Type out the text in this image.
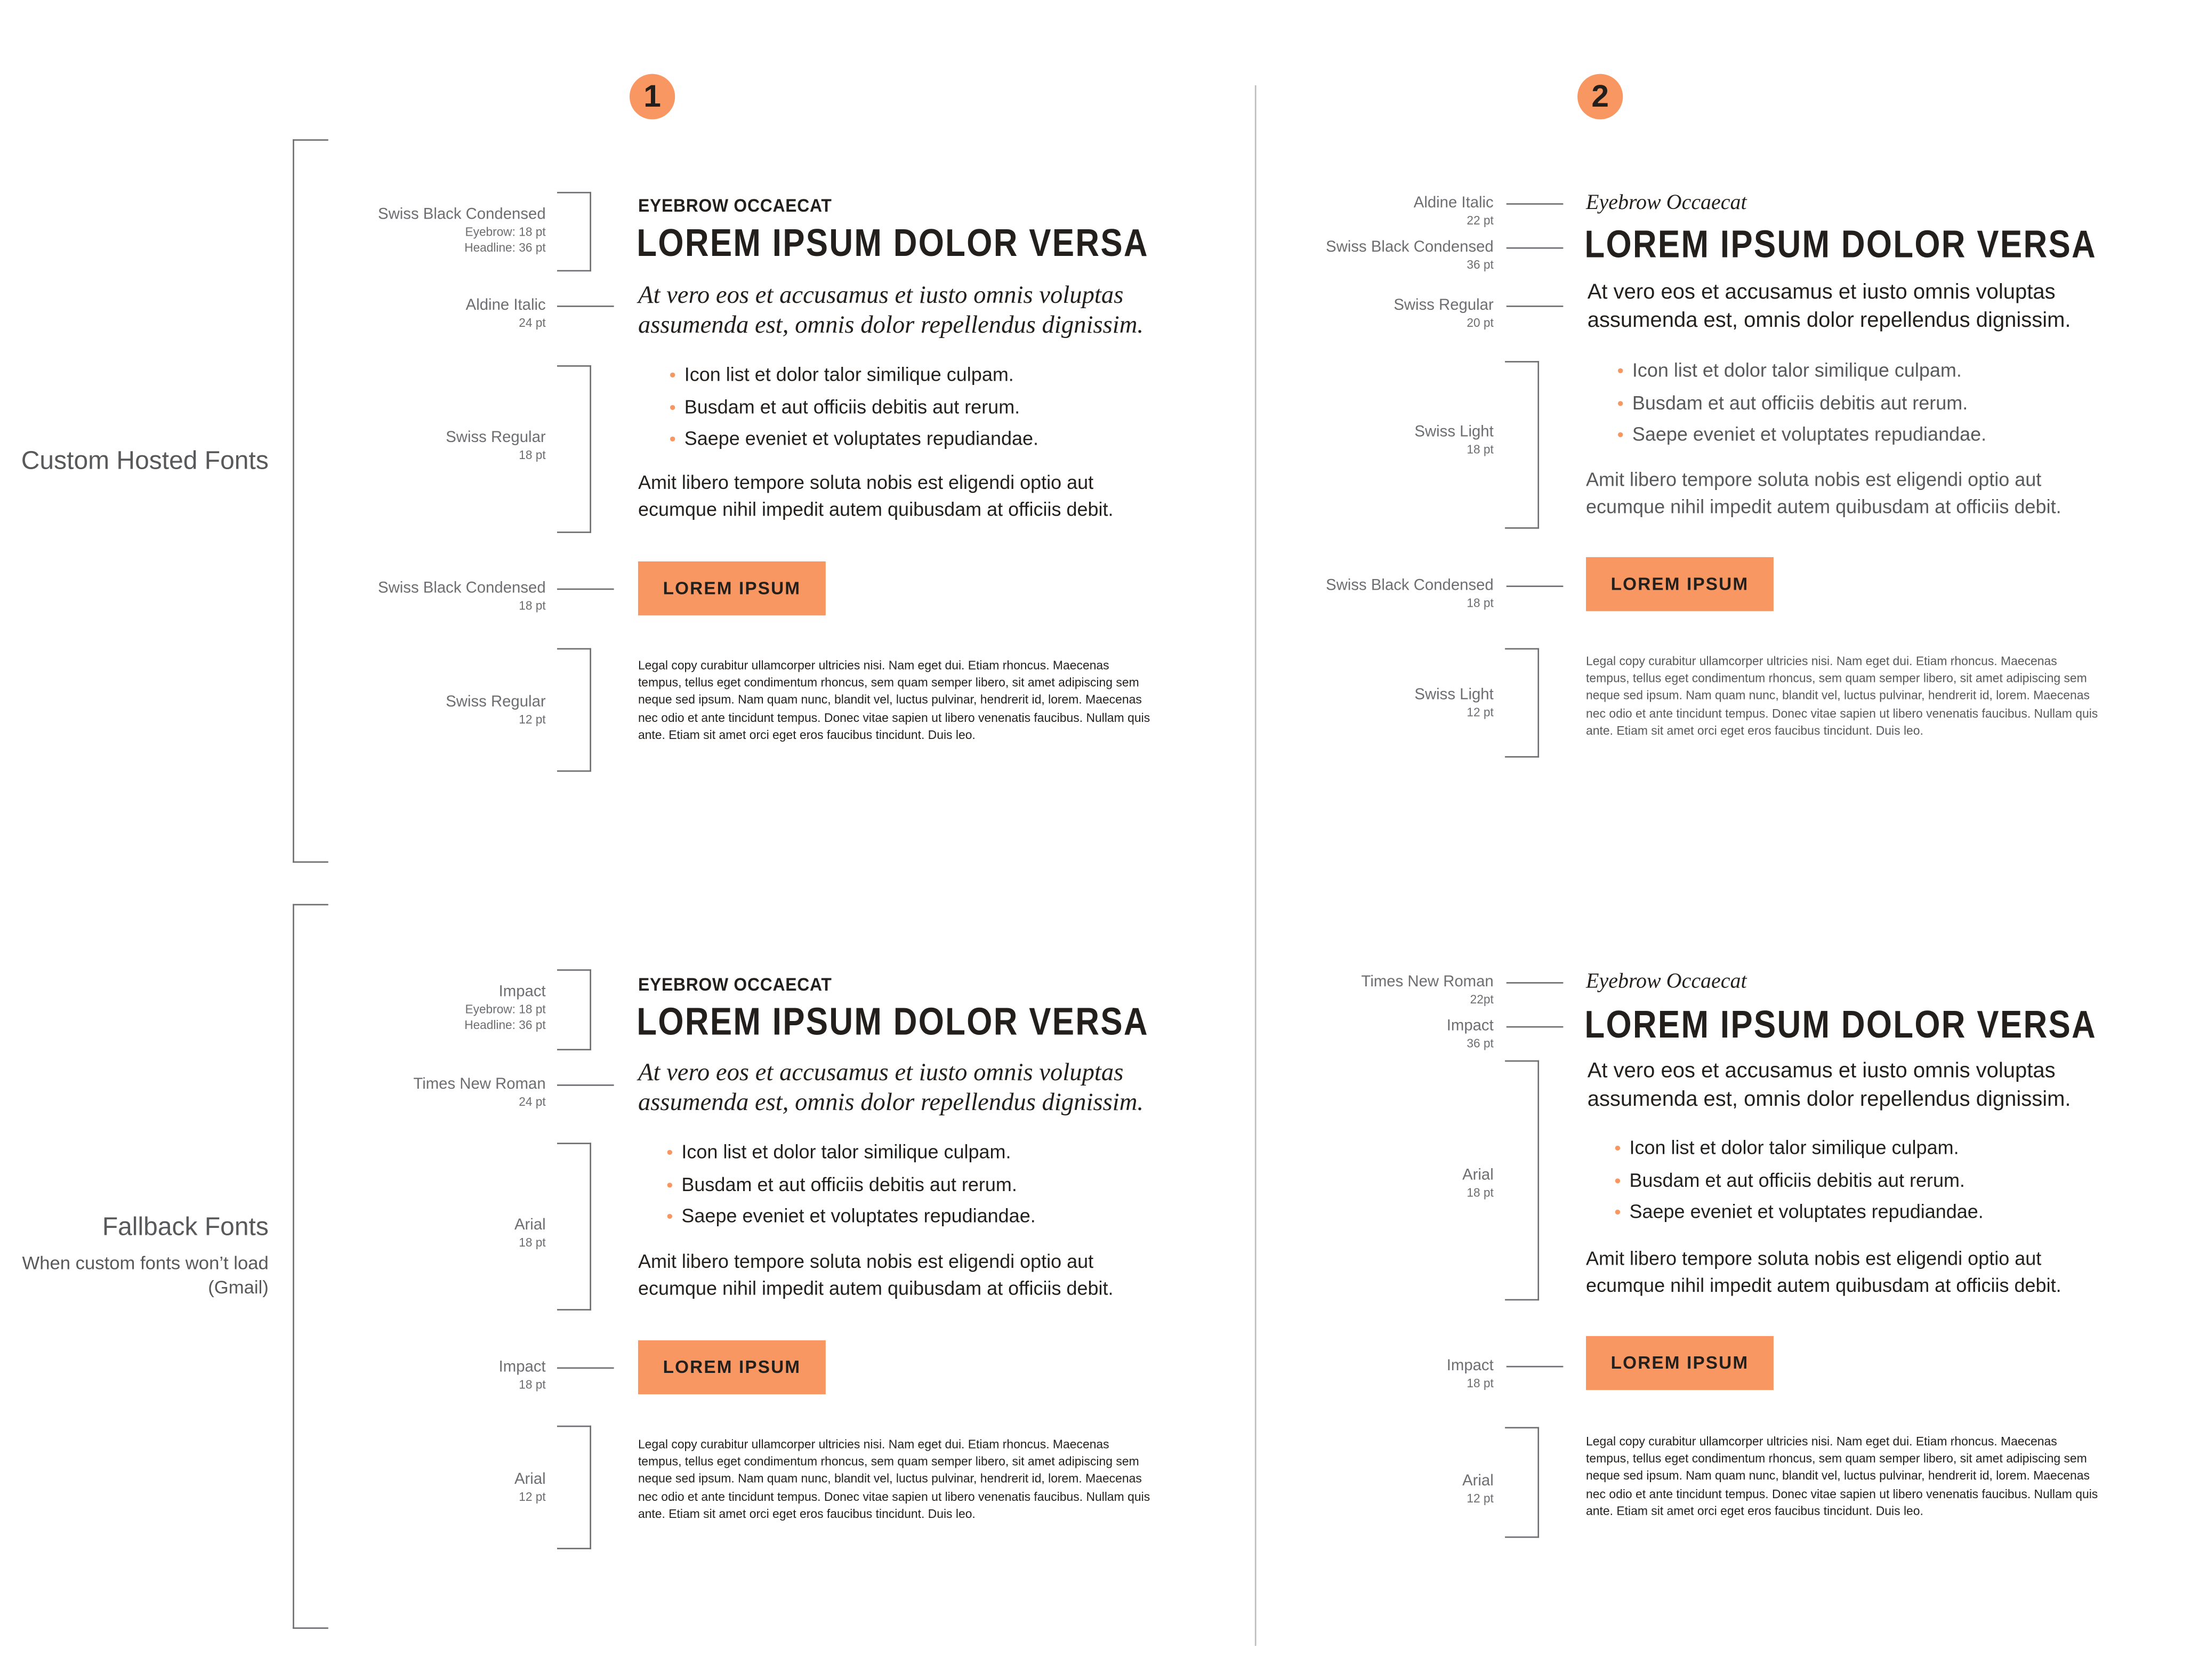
1	2
Custom Hosted Fonts
Fallback Fonts
When custom fonts won’t load (Gmail)
Swiss Black Condensed
Eyebrow: 18 pt
Headline: 36 pt
Aldine Italic
24 pt
Swiss Regular
18 pt
Swiss Black Condensed
18 pt
Swiss Regular
12 pt
EYEBROW OCCAECAT
LOREM IPSUM DOLOR VERSA
At vero eos et accusamus et iusto omnis voluptas assumenda est, omnis dolor repellendus dignissim.
• Icon list et dolor talor similique culpam.
• Busdam et aut officiis debitis aut rerum.
• Saepe eveniet et voluptates repudiandae.
Amit libero tempore soluta nobis est eligendi optio aut ecumque nihil impedit autem quibusdam at officiis debit.
LOREM IPSUM
Legal copy curabitur ullamcorper ultricies nisi. Nam eget dui. Etiam rhoncus. Maecenas tempus, tellus eget condimentum rhoncus, sem quam semper libero, sit amet adipiscing sem neque sed ipsum. Nam quam nunc, blandit vel, luctus pulvinar, hendrerit id, lorem. Maecenas nec odio et ante tincidunt tempus. Donec vitae sapien ut libero venenatis faucibus. Nullam quis ante. Etiam sit amet orci eget eros faucibus tincidunt. Duis leo.
Aldine Italic
22 pt
Swiss Black Condensed
36 pt
Swiss Regular
20 pt
Swiss Light
18 pt
Swiss Black Condensed
18 pt
Swiss Light
12 pt
Eyebrow Occaecat
LOREM IPSUM DOLOR VERSA
At vero eos et accusamus et iusto omnis voluptas assumenda est, omnis dolor repellendus dignissim.
• Icon list et dolor talor similique culpam.
• Busdam et aut officiis debitis aut rerum.
• Saepe eveniet et voluptates repudiandae.
Amit libero tempore soluta nobis est eligendi optio aut ecumque nihil impedit autem quibusdam at officiis debit.
LOREM IPSUM
Legal copy curabitur ullamcorper ultricies nisi. Nam eget dui. Etiam rhoncus. Maecenas tempus, tellus eget condimentum rhoncus, sem quam semper libero, sit amet adipiscing sem neque sed ipsum. Nam quam nunc, blandit vel, luctus pulvinar, hendrerit id, lorem. Maecenas nec odio et ante tincidunt tempus. Donec vitae sapien ut libero venenatis faucibus. Nullam quis ante. Etiam sit amet orci eget eros faucibus tincidunt. Duis leo.
Impact
Eyebrow: 18 pt
Headline: 36 pt
Times New Roman
24 pt
Arial
18 pt
Impact
18 pt
Arial
12 pt
EYEBROW OCCAECAT
LOREM IPSUM DOLOR VERSA
At vero eos et accusamus et iusto omnis voluptas assumenda est, omnis dolor repellendus dignissim.
• Icon list et dolor talor similique culpam.
• Busdam et aut officiis debitis aut rerum.
• Saepe eveniet et voluptates repudiandae.
Amit libero tempore soluta nobis est eligendi optio aut ecumque nihil impedit autem quibusdam at officiis debit.
LOREM IPSUM
Legal copy curabitur ullamcorper ultricies nisi. Nam eget dui. Etiam rhoncus. Maecenas tempus, tellus eget condimentum rhoncus, sem quam semper libero, sit amet adipiscing sem neque sed ipsum. Nam quam nunc, blandit vel, luctus pulvinar, hendrerit id, lorem. Maecenas nec odio et ante tincidunt tempus. Donec vitae sapien ut libero venenatis faucibus. Nullam quis ante. Etiam sit amet orci eget eros faucibus tincidunt. Duis leo.
Times New Roman
22pt
Impact
36 pt
Arial
18 pt
Impact
18 pt
Arial
12 pt
Eyebrow Occaecat
LOREM IPSUM DOLOR VERSA
At vero eos et accusamus et iusto omnis voluptas assumenda est, omnis dolor repellendus dignissim.
• Icon list et dolor talor similique culpam.
• Busdam et aut officiis debitis aut rerum.
• Saepe eveniet et voluptates repudiandae.
Amit libero tempore soluta nobis est eligendi optio aut ecumque nihil impedit autem quibusdam at officiis debit.
LOREM IPSUM
Legal copy curabitur ullamcorper ultricies nisi. Nam eget dui. Etiam rhoncus. Maecenas tempus, tellus eget condimentum rhoncus, sem quam semper libero, sit amet adipiscing sem neque sed ipsum. Nam quam nunc, blandit vel, luctus pulvinar, hendrerit id, lorem. Maecenas nec odio et ante tincidunt tempus. Donec vitae sapien ut libero venenatis faucibus. Nullam quis ante. Etiam sit amet orci eget eros faucibus tincidunt. Duis leo.
